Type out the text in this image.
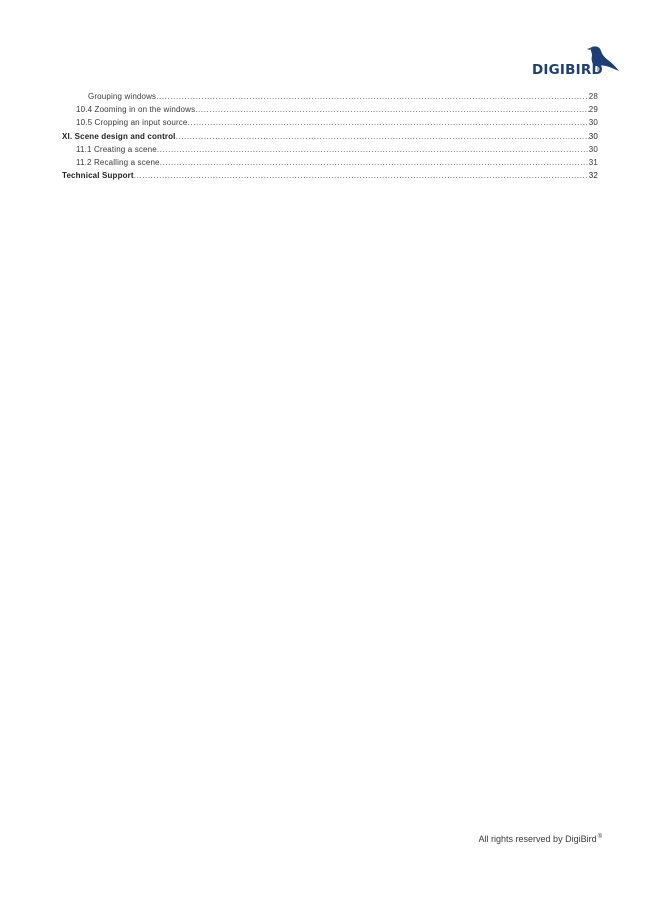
DIGIBIRD
Grouping windows .....	28
10.4 Zooming in on the windows .....	29
10.5 Cropping an input source .....	30
XI. Scene design and control .....	30
11.1 Creating a scene .....	30
11.2 Recalling a scene .....	31
Technical Support .....	32
All rights reserved by DigiBird®
